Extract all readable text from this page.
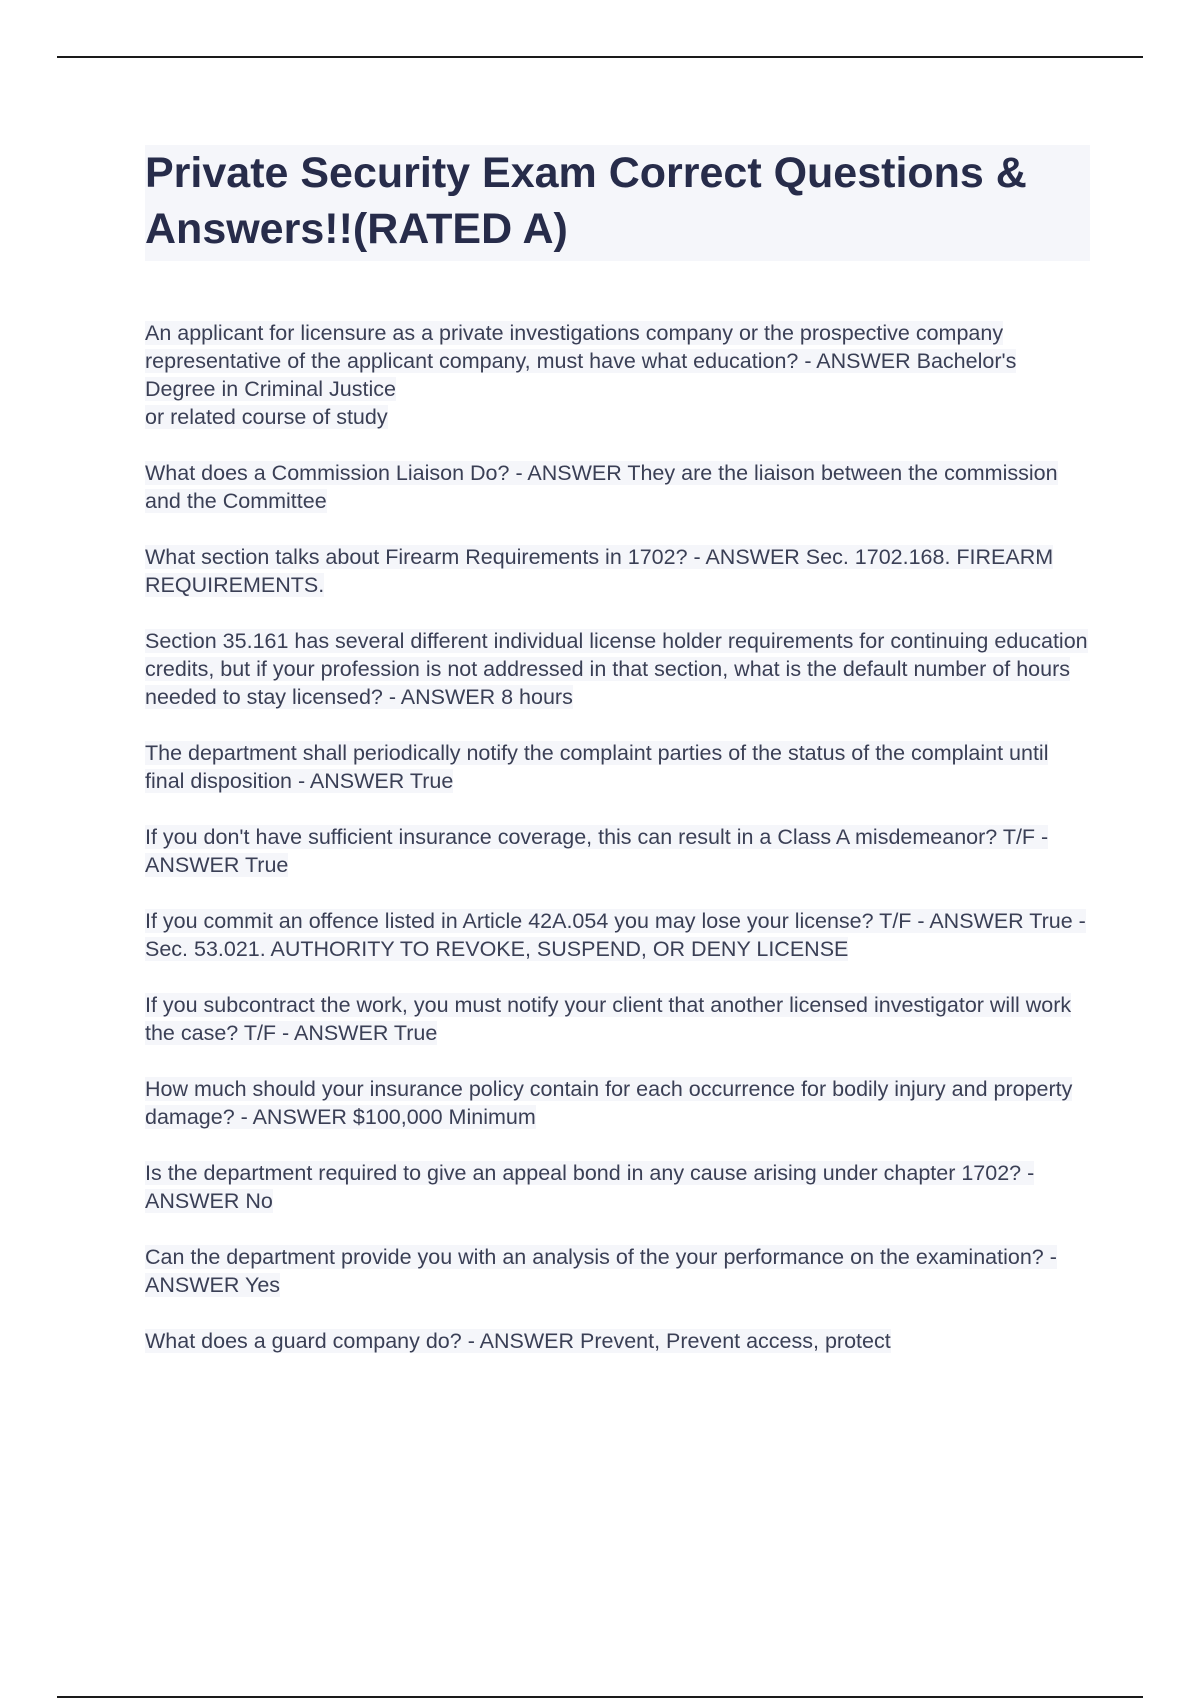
Private Security Exam Correct Questions & Answers!!(RATED A)
An applicant for licensure as a private investigations company or the prospective company representative of the applicant company, must have what education? - ANSWER Bachelor's Degree in Criminal Justice
or related course of study
What does a Commission Liaison Do? - ANSWER They are the liaison between the commission and the Committee
What section talks about Firearm Requirements in 1702? - ANSWER Sec. 1702.168. FIREARM REQUIREMENTS.
Section 35.161 has several different individual license holder requirements for continuing education credits, but if your profession is not addressed in that section, what is the default number of hours needed to stay licensed? - ANSWER 8 hours
The department shall periodically notify the complaint parties of the status of the complaint until final disposition - ANSWER True
If you don't have sufficient insurance coverage, this can result in a Class A misdemeanor? T/F - ANSWER True
If you commit an offence listed in Article 42A.054 you may lose your license? T/F - ANSWER True - Sec. 53.021. AUTHORITY TO REVOKE, SUSPEND, OR DENY LICENSE
If you subcontract the work, you must notify your client that another licensed investigator will work the case? T/F - ANSWER True
How much should your insurance policy contain for each occurrence for bodily injury and property damage? - ANSWER $100,000 Minimum
Is the department required to give an appeal bond in any cause arising under chapter 1702? - ANSWER No
Can the department provide you with an analysis of the your performance on the examination? - ANSWER Yes
What does a guard company do? - ANSWER Prevent, Prevent access, protect
